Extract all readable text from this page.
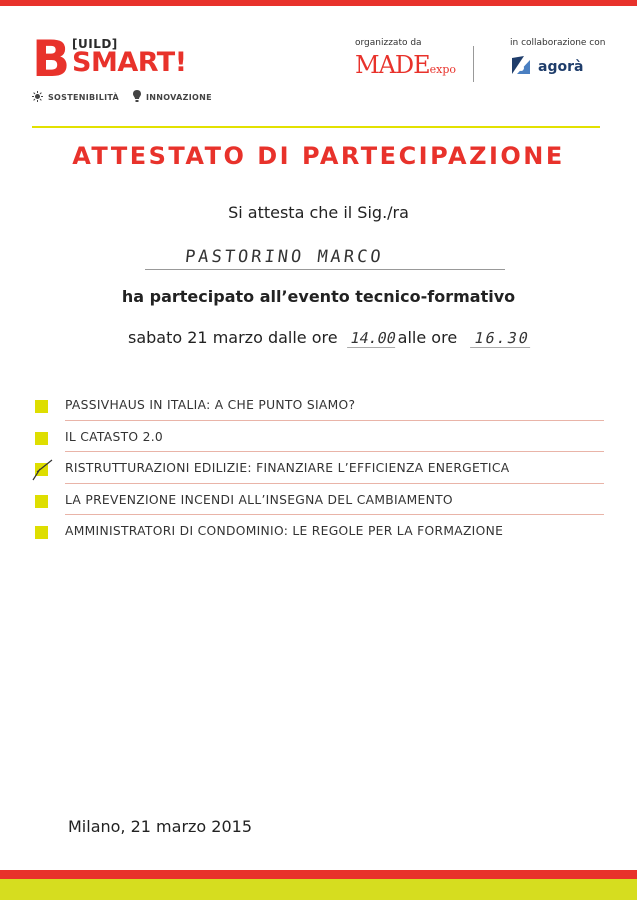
B [UILD]
SMART!
SOSTENIBILITÀ	INNOVAZIONE
organizzato da
MADEexpo
in collaborazione con
agorà
ATTESTATO DI PARTECIPAZIONE
Si attesta che il Sig./ra
PASTORINO MARCO
ha partecipato all’evento tecnico-formativo
sabato 21 marzo dalle ore 14.00alle ore 16.30
PASSIVHAUS IN ITALIA: A CHE PUNTO SIAMO?
IL CATASTO 2.0
RISTRUTTURAZIONI EDILIZIE: FINANZIARE L’EFFICIENZA ENERGETICA
LA PREVENZIONE INCENDI ALL’INSEGNA DEL CAMBIAMENTO
AMMINISTRATORI DI CONDOMINIO: LE REGOLE PER LA FORMAZIONE
Milano, 21 marzo 2015
